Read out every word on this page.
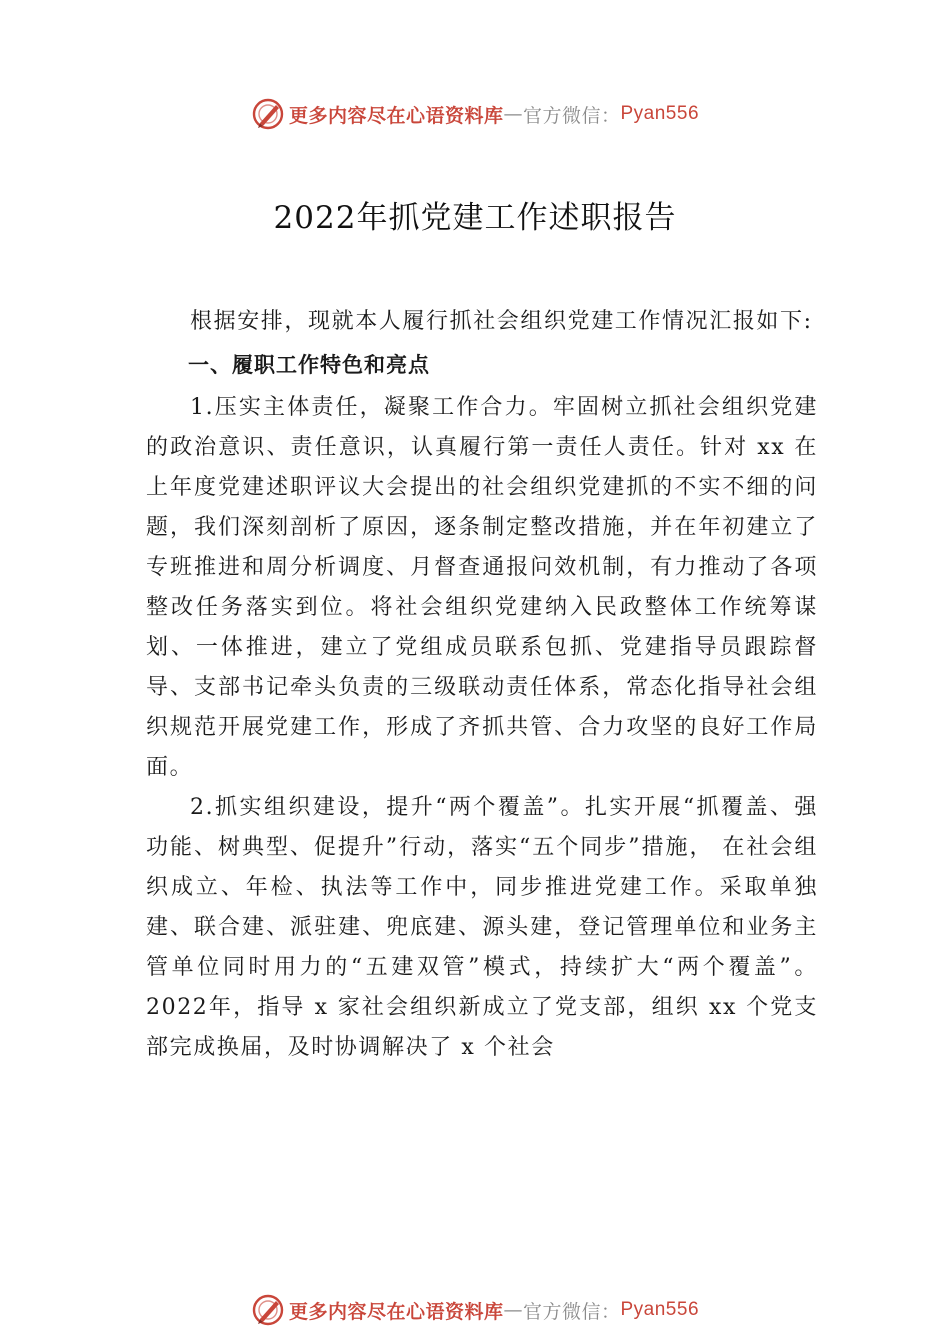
更多内容尽在心语资料库 — 官方微信： Pyan556
2022年抓党建工作述职报告

根据安排，现就本人履行抓社会组织党建工作情况汇报如下:

一、履职工作特色和亮点

1.压实主体责任，凝聚工作合力。牢固树立抓社会组织党建的政治意识、责任意识，认真履行第一责任人责任。针对 xx 在上年度党建述职评议大会提出的社会组织党建抓的不实不细的问题，我们深刻剖析了原因，逐条制定整改措施，并在年初建立了专班推进和周分析调度、月督查通报问效机制，有力推动了各项整改任务落实到位。将社会组织党建纳入民政整体工作统筹谋划、一体推进，建立了党组成员联系包抓、党建指导员跟踪督导、支部书记牵头负责的三级联动责任体系，常态化指导社会组织规范开展党建工作，形成了齐抓共管、合力攻坚的良好工作局面。

2.抓实组织建设，提升“两个覆盖”。扎实开展“抓覆盖、强功能、树典型、促提升”行动，落实“五个同步”措施， 在社会组织成立、年检、执法等工作中，同步推进党建工作。采取单独建、联合建、派驻建、兜底建、源头建，登记管理单位和业务主管单位同时用力的“五建双管”模式，持续扩大“两个覆盖”。2022年，指导 x 家社会组织新成立了党支部，组织 xx 个党支部完成换届，及时协调解决了 x 个社会

更多内容尽在心语资料库 — 官方微信： Pyan556
